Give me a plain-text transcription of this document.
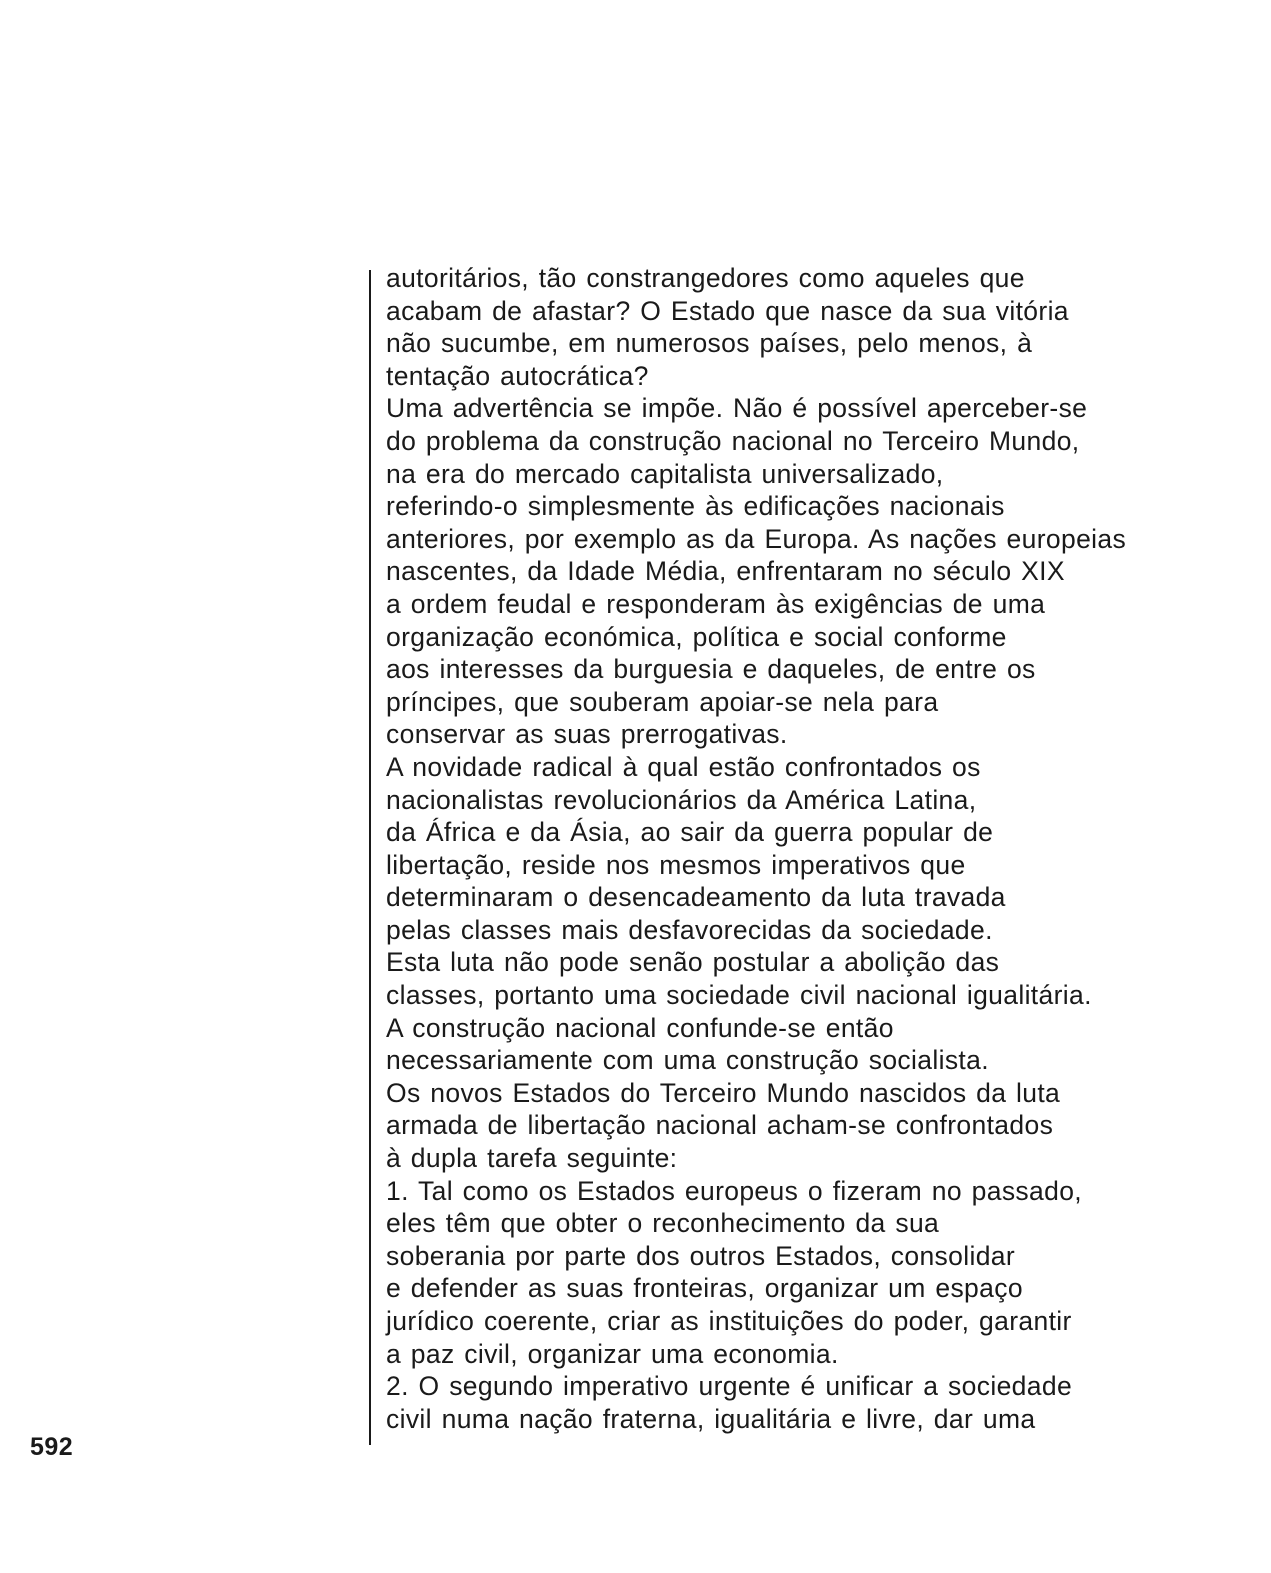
autoritários, tão constrangedores como aqueles que
acabam de afastar? O Estado que nasce da sua vitória
não sucumbe, em numerosos países, pelo menos, à
tentação autocrática?
Uma advertência se impõe. Não é possível aperceber-se
do problema da construção nacional no Terceiro Mundo,
na era do mercado capitalista universalizado,
referindo-o simplesmente às edificações nacionais
anteriores, por exemplo as da Europa. As nações europeias
nascentes, da Idade Média, enfrentaram no século XIX
a ordem feudal e responderam às exigências de uma
organização económica, política e social conforme
aos interesses da burguesia e daqueles, de entre os
príncipes, que souberam apoiar-se nela para
conservar as suas prerrogativas.
A novidade radical à qual estão confrontados os
nacionalistas revolucionários da América Latina,
da África e da Ásia, ao sair da guerra popular de
libertação, reside nos mesmos imperativos que
determinaram o desencadeamento da luta travada
pelas classes mais desfavorecidas da sociedade.
Esta luta não pode senão postular a abolição das
classes, portanto uma sociedade civil nacional igualitária.
A construção nacional confunde-se então
necessariamente com uma construção socialista.
Os novos Estados do Terceiro Mundo nascidos da luta
armada de libertação nacional acham-se confrontados
à dupla tarefa seguinte:
1. Tal como os Estados europeus o fizeram no passado,
eles têm que obter o reconhecimento da sua
soberania por parte dos outros Estados, consolidar
e defender as suas fronteiras, organizar um espaço
jurídico coerente, criar as instituições do poder, garantir
a paz civil, organizar uma economia.
2. O segundo imperativo urgente é unificar a sociedade
civil numa nação fraterna, igualitária e livre, dar uma
592
